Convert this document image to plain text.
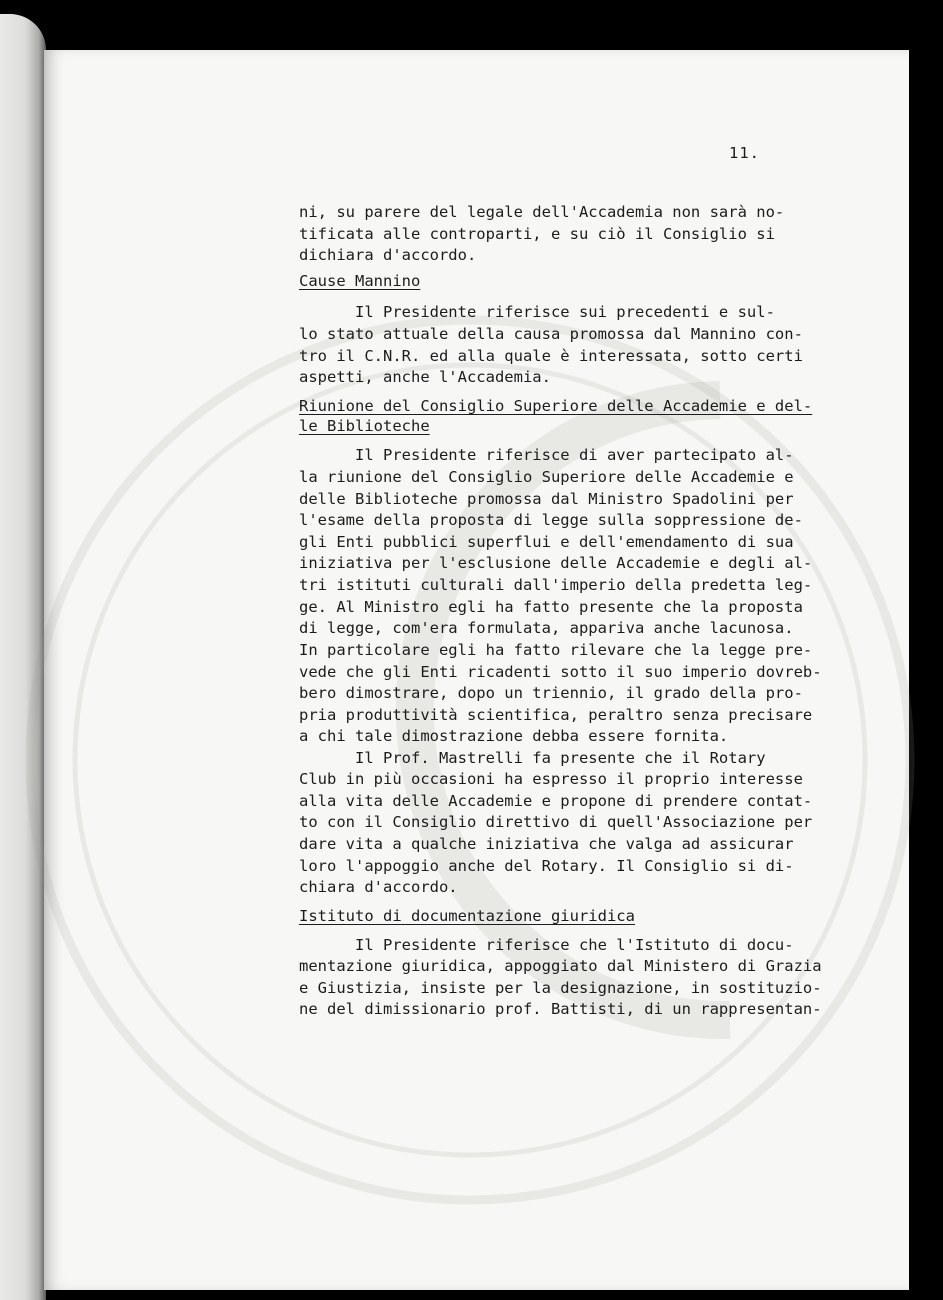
11.
ni, su parere del legale dell'Accademia non sarà no-
tificata alle controparti, e su ciò il Consiglio si
dichiara d'accordo.
Cause Mannino
Il Presidente riferisce sui precedenti e sul-
lo stato attuale della causa promossa dal Mannino con-
tro il C.N.R. ed alla quale è interessata, sotto certi
aspetti, anche l'Accademia.
Riunione del Consiglio Superiore delle Accademie e del-
le Biblioteche
Il Presidente riferisce di aver partecipato al-
la riunione del Consiglio Superiore delle Accademie e
delle Biblioteche promossa dal Ministro Spadolini per
l'esame della proposta di legge sulla soppressione de-
gli Enti pubblici superflui e dell'emendamento di sua
iniziativa per l'esclusione delle Accademie e degli al-
tri istituti culturali dall'imperio della predetta leg-
ge. Al Ministro egli ha fatto presente che la proposta
di legge, com'era formulata, appariva anche lacunosa.
In particolare egli ha fatto rilevare che la legge pre-
vede che gli Enti ricadenti sotto il suo imperio dovreb-
bero dimostrare, dopo un triennio, il grado della pro-
pria produttività scientifica, peraltro senza precisare
a chi tale dimostrazione debba essere fornita.
Il Prof. Mastrelli fa presente che il Rotary
Club in più occasioni ha espresso il proprio interesse
alla vita delle Accademie e propone di prendere contat-
to con il Consiglio direttivo di quell'Associazione per
dare vita a qualche iniziativa che valga ad assicurar
loro l'appoggio anche del Rotary. Il Consiglio si di-
chiara d'accordo.
Istituto di documentazione giuridica
Il Presidente riferisce che l'Istituto di docu-
mentazione giuridica, appoggiato dal Ministero di Grazia
e Giustizia, insiste per la designazione, in sostituzio-
ne del dimissionario prof. Battisti, di un rappresentan-
